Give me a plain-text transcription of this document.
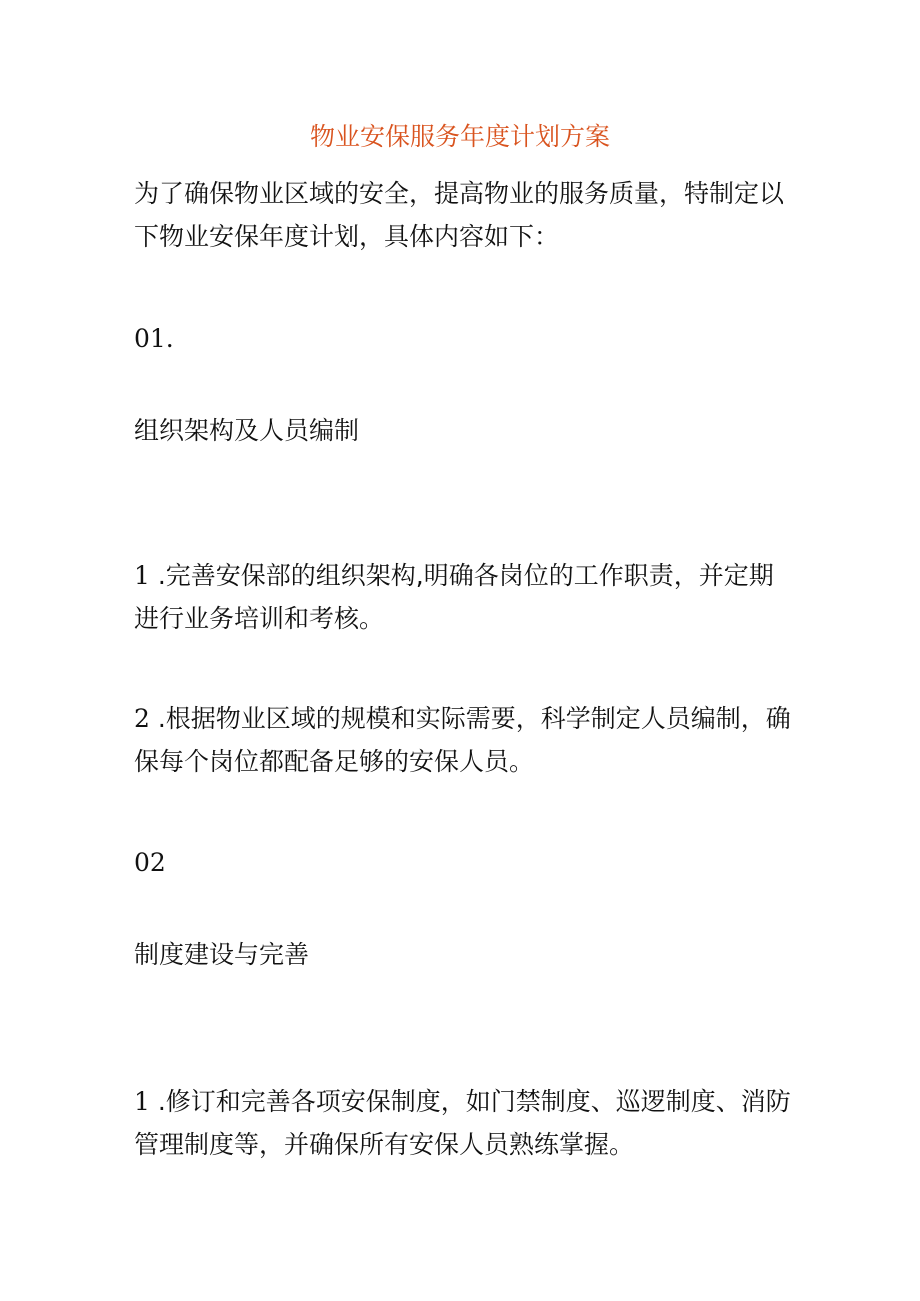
物业安保服务年度计划方案

为了确保物业区域的安全，提高物业的服务质量，特制定以下物业安保年度计划，具体内容如下：

01.
组织架构及人员编制

1 .完善安保部的组织架构,明确各岗位的工作职责，并定期进行业务培训和考核。

2 .根据物业区域的规模和实际需要，科学制定人员编制，确保每个岗位都配备足够的安保人员。

02
制度建设与完善

1 .修订和完善各项安保制度，如门禁制度、巡逻制度、消防管理制度等，并确保所有安保人员熟练掌握。
